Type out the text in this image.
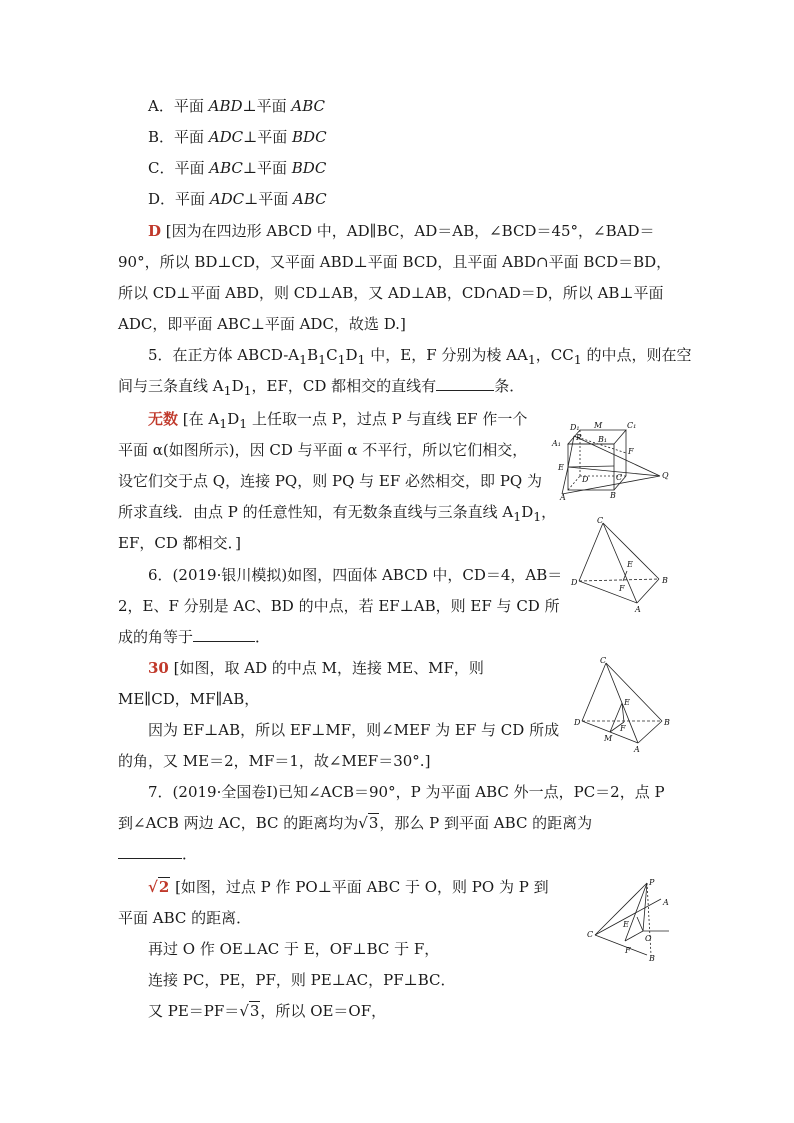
A．平面 ABD⊥平面 ABC
B．平面 ADC⊥平面 BDC
C．平面 ABC⊥平面 BDC
D．平面 ADC⊥平面 ABC
D [因为在四边形 ABCD 中，AD∥BC，AD＝AB，∠BCD＝45°，∠BAD＝
90°，所以 BD⊥CD，又平面 ABD⊥平面 BCD，且平面 ABD∩平面 BCD＝BD，
所以 CD⊥平面 ABD，则 CD⊥AB，又 AD⊥AB，CD∩AD＝D，所以 AB⊥平面
ADC，即平面 ABC⊥平面 ADC，故选 D.]
5．在正方体 ABCD-$A_1B_1C_1D_1$ 中，E，F 分别为棱 $AA_1$，$CC_1$ 的中点，则在空
间与三条直线 $A_1D_1$，EF，CD 都相交的直线有	条．
无数 [在 $A_1D_1$ 上任取一点 P，过点 P 与直线 EF 作一个
平面 α(如图所示)，因 CD 与平面 α 不平行，所以它们相交，
设它们交于点 Q，连接 PQ，则 PQ 与 EF 必然相交，即 PQ 为
所求直线．由点 P 的任意性知，有无数条直线与三条直线 $A_1D_1$，
EF，CD 都相交．]
6．(2019·银川模拟)如图，四面体 ABCD 中，CD＝4，AB＝
2，E、F 分别是 AC、BD 的中点，若 EF⊥AB，则 EF 与 CD 所
成的角等于	．
30 [如图，取 AD 的中点 M，连接 ME、MF，则
ME∥CD，MF∥AB，
因为 EF⊥AB，所以 EF⊥MF，则∠MEF 为 EF 与 CD 所成
的角，又 ME＝2，MF＝1，故∠MEF＝30°.]
7．(2019·全国卷Ⅰ)已知∠ACB＝90°，P 为平面 ABC 外一点，PC＝2，点 P
到∠ACB 两边 AC，BC 的距离均为√3，那么 P 到平面 ABC 的距离为
．
√2 [如图，过点 P 作 PO⊥平面 ABC 于 O，则 PO 为 P 到
平面 ABC 的距离．
再过 O 作 OE⊥AC 于 E，OF⊥BC 于 F，
连接 PC，PE，PF，则 PE⊥AC，PF⊥BC．
又 PE＝PF＝√3，所以 OE＝OF，
A₁
D₁ M	C₁
B₁
P
E
F
D
A	B
C	Q
C
D
E
F
B
A
C
D
E
F
M
B
A
P
A
C
E
O
F
B
